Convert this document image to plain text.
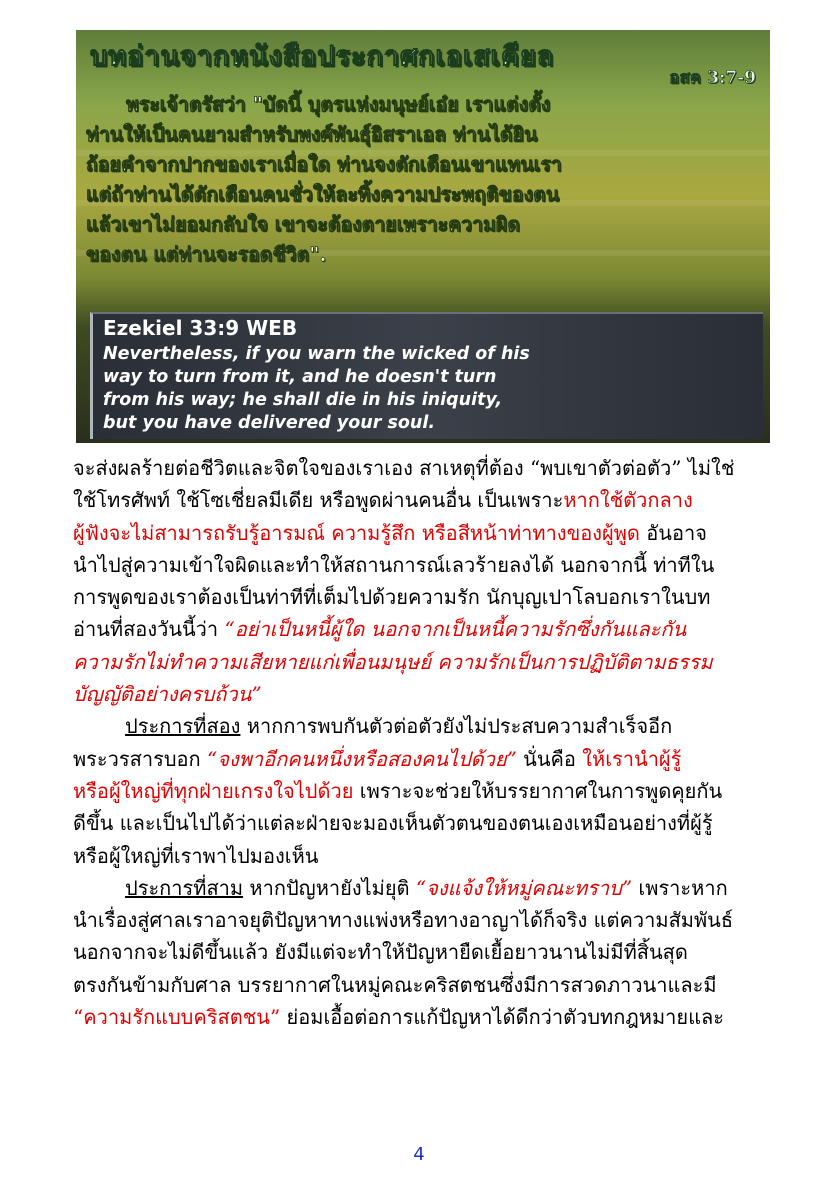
บทอ่านจากหนังสือประกาศกเอเสเคียล
อสค 3:7-9
พระเจ้าตรัสว่า "บัดนี้ บุตรแห่งมนุษย์เอ๋ย เราแต่งตั้ง
ท่านให้เป็นคนยามสำหรับพงศ์พันธุ์อิสราเอล ท่านได้ยิน
ถ้อยคำจากปากของเราเมื่อใด ท่านจงตักเตือนเขาแทนเรา
แต่ถ้าท่านได้ตักเตือนคนชั่วให้ละทิ้งความประพฤติของตน
แล้วเขาไม่ยอมกลับใจ เขาจะต้องตายเพราะความผิด
ของตน แต่ท่านจะรอดชีวิต".
Ezekiel 33:9 WEB
Nevertheless, if you warn the wicked of his
way to turn from it, and he doesn't turn
from his way; he shall die in his iniquity,
but you have delivered your soul.
จะส่งผลร้ายต่อชีวิตและจิตใจของเราเอง สาเหตุที่ต้อง “พบเขาตัวต่อตัว” ไม่ใช่
ใช้โทรศัพท์ ใช้โซเชี่ยลมีเดีย หรือพูดผ่านคนอื่น เป็นเพราะหากใช้ตัวกลาง
ผู้ฟังจะไม่สามารถรับรู้อารมณ์ ความรู้สึก หรือสีหน้าท่าทางของผู้พูด อันอาจ
นำไปสู่ความเข้าใจผิดและทำให้สถานการณ์เลวร้ายลงได้ นอกจากนี้ ท่าทีใน
การพูดของเราต้องเป็นท่าทีที่เต็มไปด้วยความรัก นักบุญเปาโลบอกเราในบท
อ่านที่สองวันนี้ว่า “อย่าเป็นหนี้ผู้ใด นอกจากเป็นหนี้ความรักซึ่งกันและกัน
ความรักไม่ทำความเสียหายแก่เพื่อนมนุษย์ ความรักเป็นการปฏิบัติตามธรรม
บัญญัติอย่างครบถ้วน”
ประการที่สอง หากการพบกันตัวต่อตัวยังไม่ประสบความสำเร็จอีก
พระวรสารบอก “จงพาอีกคนหนึ่งหรือสองคนไปด้วย” นั่นคือ ให้เรานำผู้รู้
หรือผู้ใหญ่ที่ทุกฝ่ายเกรงใจไปด้วย เพราะจะช่วยให้บรรยากาศในการพูดคุยกัน
ดีขึ้น และเป็นไปได้ว่าแต่ละฝ่ายจะมองเห็นตัวตนของตนเองเหมือนอย่างที่ผู้รู้
หรือผู้ใหญ่ที่เราพาไปมองเห็น
ประการที่สาม หากปัญหายังไม่ยุติ “จงแจ้งให้หมู่คณะทราบ” เพราะหาก
นำเรื่องสู่ศาลเราอาจยุติปัญหาทางแพ่งหรือทางอาญาได้ก็จริง แต่ความสัมพันธ์
นอกจากจะไม่ดีขึ้นแล้ว ยังมีแต่จะทำให้ปัญหายืดเยื้อยาวนานไม่มีที่สิ้นสุด
ตรงกันข้ามกับศาล บรรยากาศในหมู่คณะคริสตชนซึ่งมีการสวดภาวนาและมี
“ความรักแบบคริสตชน” ย่อมเอื้อต่อการแก้ปัญหาได้ดีกว่าตัวบทกฎหมายและ
4
